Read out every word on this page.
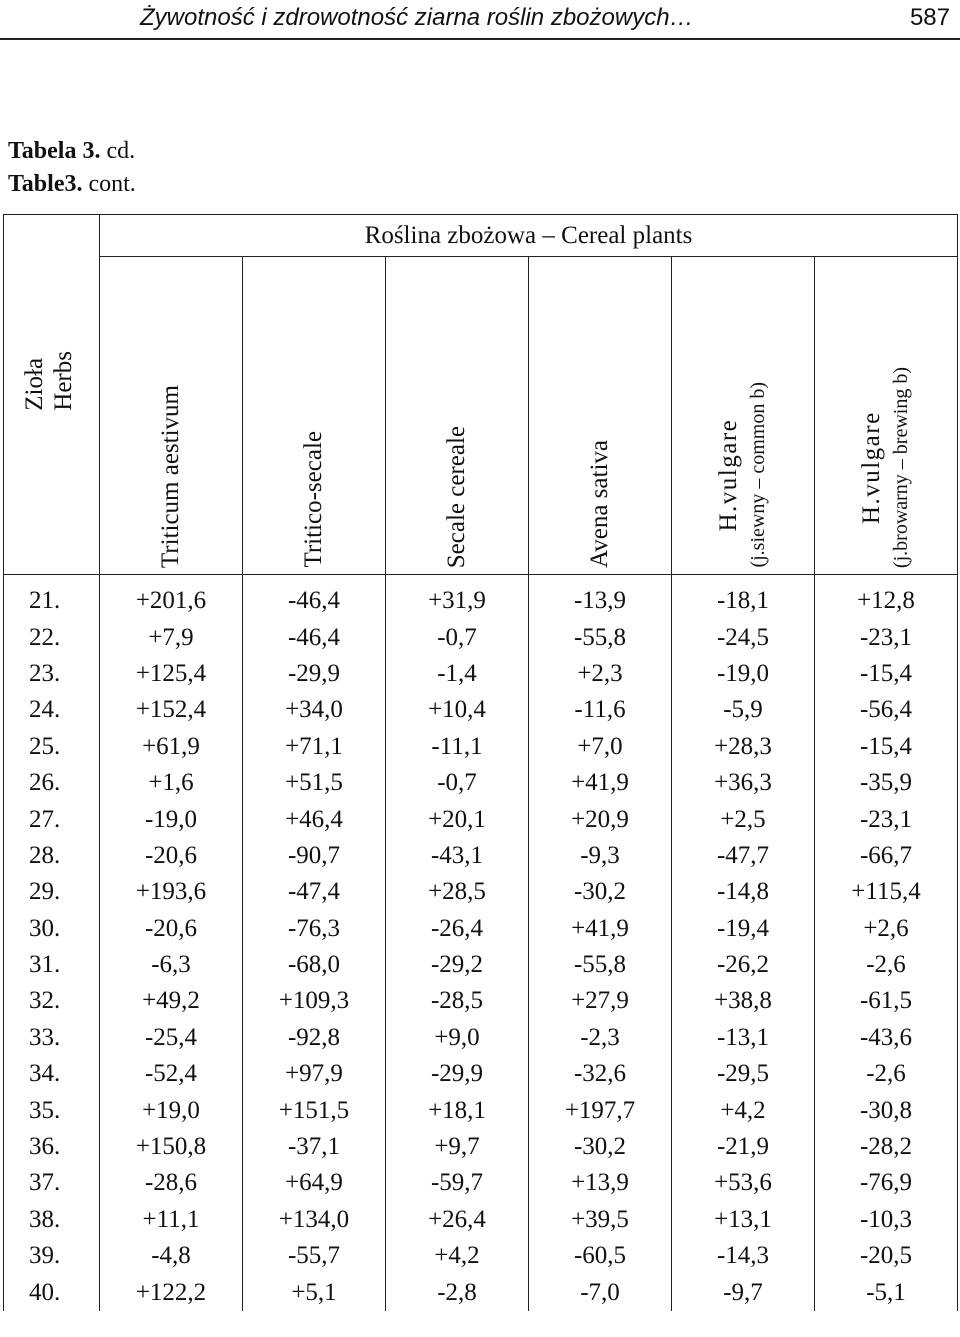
Żywotność i zdrowotność ziarna roślin zbożowych…	587
Tabela 3. cd.
Table3. cont.
Zioła
Herbs	Roślina zbożowa – Cereal plants					

	Triticum aestivum	Tritico-secale	Secale cereale	Avena sativa	H.vulgare (j.siewny – common b)	H.vulgare (j.browarny – brewing b)

21.	+201,6	-46,4	+31,9	-13,9	-18,1	+12,8
22.	+7,9	-46,4	-0,7	-55,8	-24,5	-23,1
23.	+125,4	-29,9	-1,4	+2,3	-19,0	-15,4
24.	+152,4	+34,0	+10,4	-11,6	-5,9	-56,4
25.	+61,9	+71,1	-11,1	+7,0	+28,3	-15,4
26.	+1,6	+51,5	-0,7	+41,9	+36,3	-35,9
27.	-19,0	+46,4	+20,1	+20,9	+2,5	-23,1
28.	-20,6	-90,7	-43,1	-9,3	-47,7	-66,7
29.	+193,6	-47,4	+28,5	-30,2	-14,8	+115,4
30.	-20,6	-76,3	-26,4	+41,9	-19,4	+2,6
31.	-6,3	-68,0	-29,2	-55,8	-26,2	-2,6
32.	+49,2	+109,3	-28,5	+27,9	+38,8	-61,5
33.	-25,4	-92,8	+9,0	-2,3	-13,1	-43,6
34.	-52,4	+97,9	-29,9	-32,6	-29,5	-2,6
35.	+19,0	+151,5	+18,1	+197,7	+4,2	-30,8
36.	+150,8	-37,1	+9,7	-30,2	-21,9	-28,2
37.	-28,6	+64,9	-59,7	+13,9	+53,6	-76,9
38.	+11,1	+134,0	+26,4	+39,5	+13,1	-10,3
39.	-4,8	-55,7	+4,2	-60,5	-14,3	-20,5
40.	+122,2	+5,1	-2,8	-7,0	-9,7	-5,1
